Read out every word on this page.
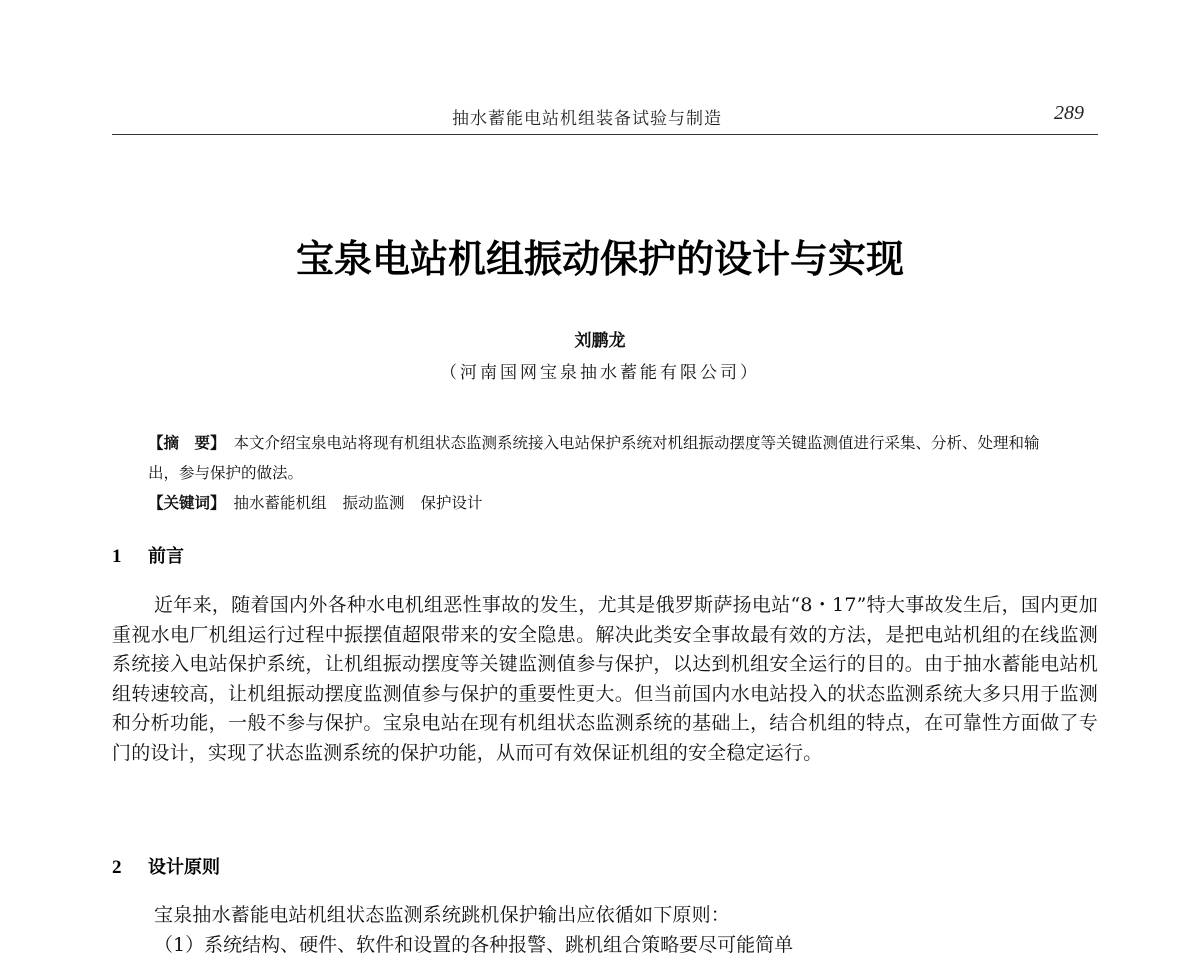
抽水蓄能电站机组装备试验与制造	289
宝泉电站机组振动保护的设计与实现
刘鹏龙
（河南国网宝泉抽水蓄能有限公司）
【摘　要】 本文介绍宝泉电站将现有机组状态监测系统接入电站保护系统对机组振动摆度等关键监测值进行采集、分析、处理和输出，参与保护的做法。
【关键词】 抽水蓄能机组 振动监测 保护设计
1 前言

近年来，随着国内外各种水电机组恶性事故的发生，尤其是俄罗斯萨扬电站“8・17”特大事故发生后，国内更加重视水电厂机组运行过程中振摆值超限带来的安全隐患。解决此类安全事故最有效的方法，是把电站机组的在线监测系统接入电站保护系统，让机组振动摆度等关键监测值参与保护，以达到机组安全运行的目的。由于抽水蓄能电站机组转速较高，让机组振动摆度监测值参与保护的重要性更大。但当前国内水电站投入的状态监测系统大多只用于监测和分析功能，一般不参与保护。宝泉电站在现有机组状态监测系统的基础上，结合机组的特点，在可靠性方面做了专门的设计，实现了状态监测系统的保护功能，从而可有效保证机组的安全稳定运行。

2 设计原则

宝泉抽水蓄能电站机组状态监测系统跳机保护输出应依循如下原则：

（1）系统结构、硬件、软件和设置的各种报警、跳机组合策略要尽可能简单
